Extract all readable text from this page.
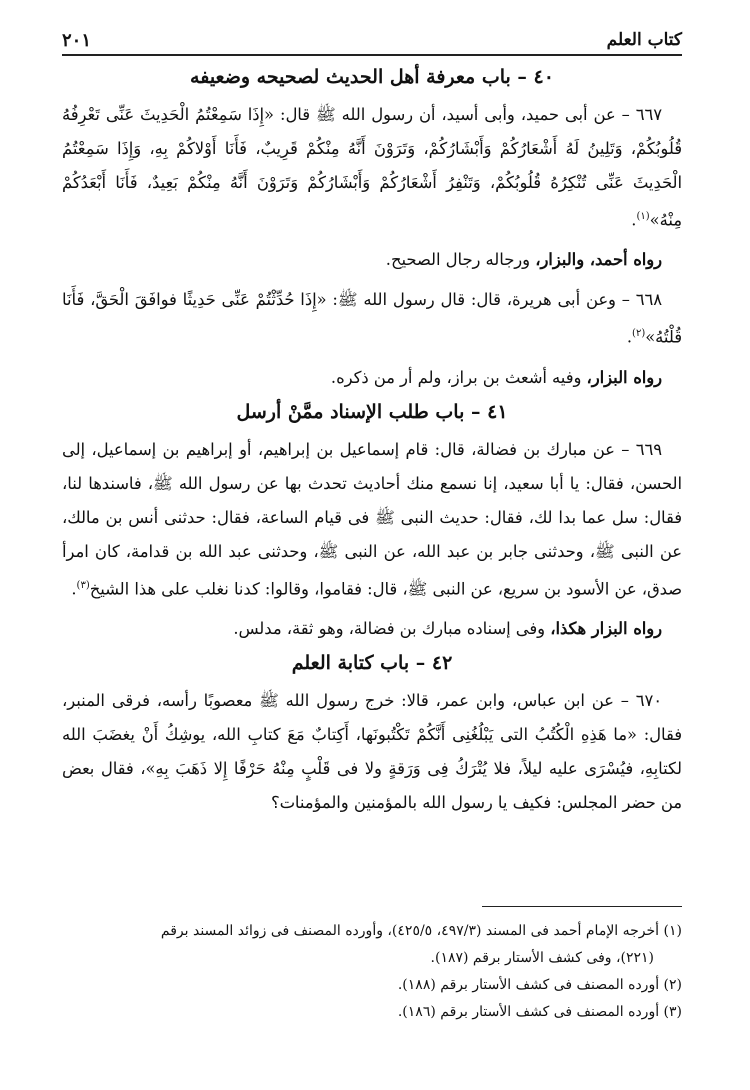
كتاب العلم
٢٠١
٤٠ – باب معرفة أهل الحديث لصحيحه وضعيفه

٦٦٧ – عن أبى حميد، وأبى أسيد، أن رسول الله ﷺ قال: «إِذَا سَمِعْتُمُ الْحَدِيثَ عَنِّى تَعْرِفُهُ قُلُوبُكُمْ، وَتَلِينُ لَهُ أَشْعَارُكُمْ وَأَبْشَارُكُمْ، وَتَرَوْنَ أَنَّهُ مِنْكُمْ قَرِيبٌ، فَأَنَا أَوْلاكُمْ بِهِ، وَإِذَا سَمِعْتُمُ الْحَدِيثَ عَنِّى تُنْكِرُهُ قُلُوبُكُمْ، وَتَنْفِرُ أَشْعَارُكُمْ وَأَبْشَارُكُمْ وَتَرَوْنَ أَنَّهُ مِنْكُمْ بَعِيدٌ، فَأَنَا أَبْعَدُكُمْ مِنْهُ»$^{(١)}$.

رواه أحمد، والبزار، ورجاله رجال الصحيح.

٦٦٨ – وعن أبى هريرة، قال: قال رسول الله ﷺ: «إِذَا حُدِّثْتُمْ عَنِّى حَدِيثًا فوافَقَ الْحَقَّ، فَأَنَا قُلْتُهُ»$^{(٢)}$.

رواه البزار، وفيه أشعث بن براز، ولم أر من ذكره.

٤١ – باب طلب الإسناد ممَّنْ أرسل

٦٦٩ – عن مبارك بن فضالة، قال: قام إسماعيل بن إبراهيم، أو إبراهيم بن إسماعيل، إلى الحسن، فقال: يا أبا سعيد، إنا نسمع منك أحاديث تحدث بها عن رسول الله ﷺ، فاسندها لنا، فقال: سل عما بدا لك، فقال: حديث النبى ﷺ فى قيام الساعة، فقال: حدثنى أنس بن مالك، عن النبى ﷺ، وحدثنى جابر بن عبد الله، عن النبى ﷺ، وحدثنى عبد الله بن قدامة، كان امرأ صدق، عن الأسود بن سريع، عن النبى ﷺ، قال: فقاموا، وقالوا: كدنا نغلب على هذا الشيخ$^{(٣)}$.

رواه البزار هكذا، وفى إسناده مبارك بن فضالة، وهو ثقة، مدلس.

٤٢ – باب كتابة العلم

٦٧٠ – عن ابن عباس، وابن عمر، قالا: خرج رسول الله ﷺ معصوبًا رأسه، فرقى المنبر، فقال: «ما هَذِهِ الْكُتُبُ التى يَبْلُغُنِى أَنَّكُمْ تَكْتُبونَها، أَكِتابٌ مَعَ كتابِ الله، يوشِكُ أَنْ يغضَبَ الله لكتابِهِ، فيُسْرَى عليه ليلاً، فلا يُتْرَكُ فِى وَرَقةٍ ولا فى قَلْبٍ مِنْهُ حَرْفًا إِلا ذَهَبَ بِهِ»، فقال بعض من حضر المجلس: فكيف يا رسول الله بالمؤمنين والمؤمنات؟

(١) أخرجه الإمام أحمد فى المسند (٤٩٧/٣، ٤٢٥/٥)، وأورده المصنف فى زوائد المسند برقم

(٢٢١)، وفى كشف الأستار برقم (١٨٧).

(٢) أورده المصنف فى كشف الأستار برقم (١٨٨).

(٣) أورده المصنف فى كشف الأستار برقم (١٨٦).
